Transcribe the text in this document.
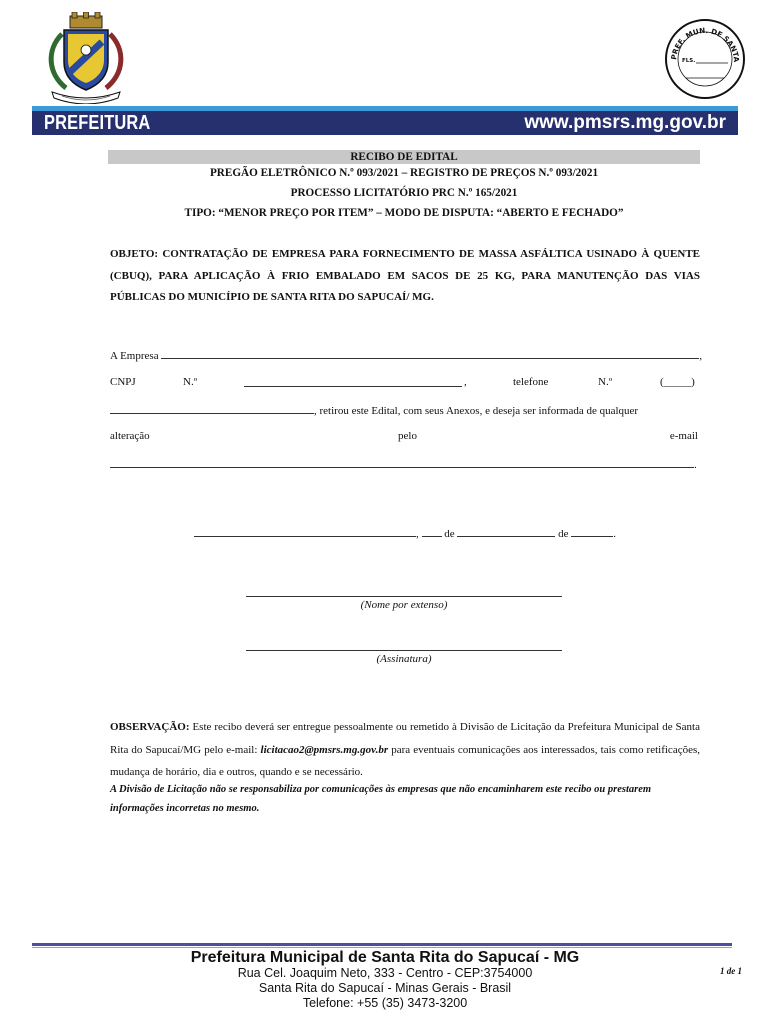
PREF. MUN. DE SANTA
FLS.
PREFEITURA	www.pmsrs.mg.gov.br
RECIBO DE EDITAL
PREGÃO ELETRÔNICO N.º 093/2021 – REGISTRO DE PREÇOS N.º 093/2021
PROCESSO LICITATÓRIO PRC N.º 165/2021
TIPO: “MENOR PREÇO POR ITEM” – MODO DE DISPUTA: “ABERTO E FECHADO”
OBJETO: CONTRATAÇÃO DE EMPRESA PARA FORNECIMENTO DE MASSA ASFÁLTICA USINADO À QUENTE (CBUQ), PARA APLICAÇÃO À FRIO EMBALADO EM SACOS DE 25 KG, PARA MANUTENÇÃO DAS VIAS PÚBLICAS DO MUNICÍPIO DE SANTA RITA DO SAPUCAÍ/ MG.
A Empresa	,
CNPJ	N.º	,	telefone	N.º	(_____)
, retirou este Edital, com seus Anexos, e deseja ser informada de qualquer
alteração	pelo	e-mail
.
,  de	de	.
(Nome por extenso)
(Assinatura)
OBSERVAÇÃO: Este recibo deverá ser entregue pessoalmente ou remetido à Divisão de Licitação da Prefeitura Municipal de Santa Rita do Sapucaí/MG pelo e-mail: licitacao2@pmsrs.mg.gov.br para eventuais comunicações aos interessados, tais como retificações, mudança de horário, dia e outros, quando e se necessário.
A Divisão de Licitação não se responsabiliza por comunicações às empresas que não encaminharem este recibo ou prestarem informações incorretas no mesmo.
Prefeitura Municipal de Santa Rita do Sapucaí - MG
Rua Cel. Joaquim Neto, 333 - Centro - CEP:3754000
Santa Rita do Sapucaí - Minas Gerais - Brasil
Telefone: +55 (35) 3473-3200
1 de 1
